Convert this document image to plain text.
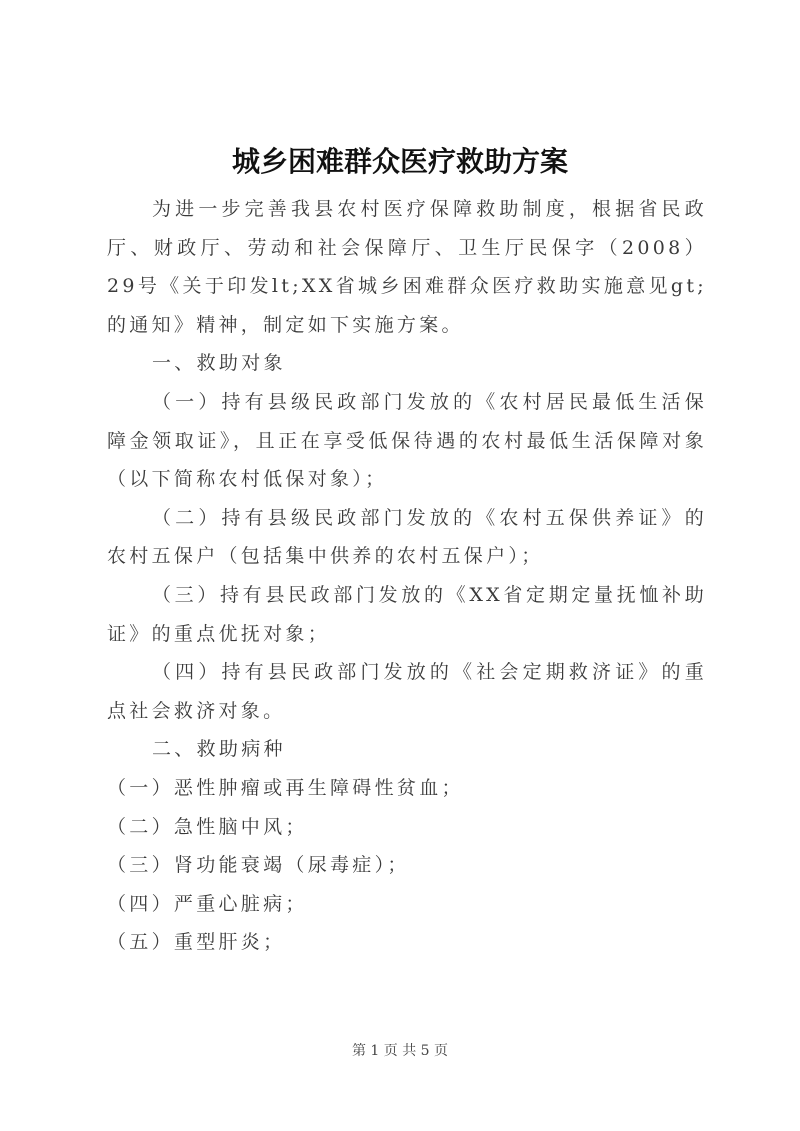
城乡困难群众医疗救助方案

为进一步完善我县农村医疗保障救助制度，根据省民政厅、财政厅、劳动和社会保障厅、卫生厅民保字（2008）29号《关于印发lt;XX省城乡困难群众医疗救助实施意见gt;的通知》精神，制定如下实施方案。

一、救助对象

（一）持有县级民政部门发放的《农村居民最低生活保障金领取证》，且正在享受低保待遇的农村最低生活保障对象（以下简称农村低保对象）；

（二）持有县级民政部门发放的《农村五保供养证》的农村五保户（包括集中供养的农村五保户）；

（三）持有县民政部门发放的《XX省定期定量抚恤补助证》的重点优抚对象；

（四）持有县民政部门发放的《社会定期救济证》的重点社会救济对象。

二、救助病种

（一）恶性肿瘤或再生障碍性贫血；

（二）急性脑中风；

（三）肾功能衰竭（尿毒症）；

（四）严重心脏病；

（五）重型肝炎；

第 1 页 共 5 页
